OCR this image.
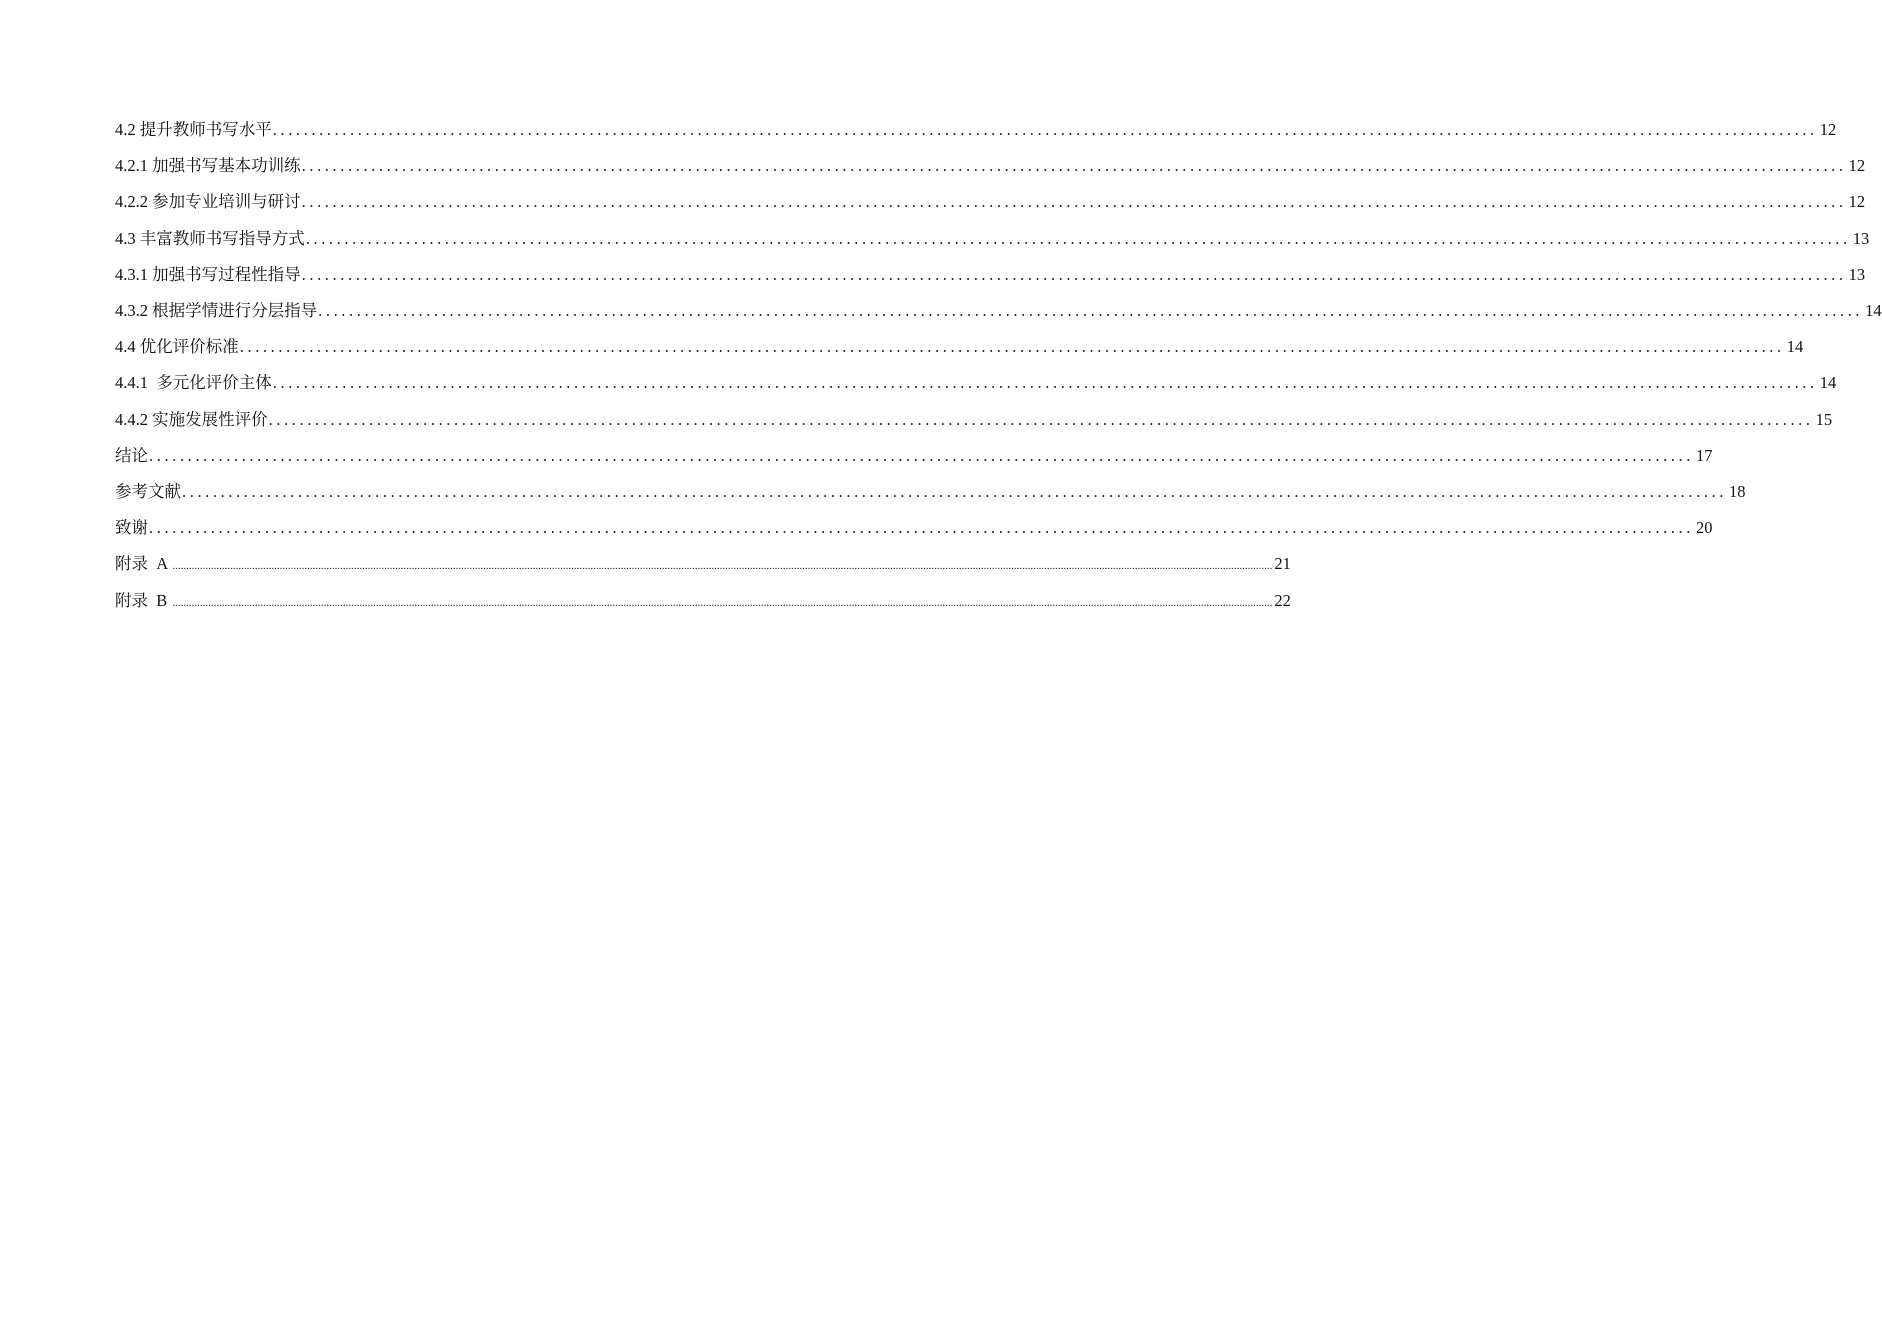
4.2 提升教师书写水平 ........................................................................................................................................................................................................ 12
4.2.1 加强书写基本功训练 ........................................................................................................................................................................................................ 12
4.2.2 参加专业培训与研讨 ........................................................................................................................................................................................................ 12
4.3 丰富教师书写指导方式 ........................................................................................................................................................................................................ 13
4.3.1 加强书写过程性指导 ........................................................................................................................................................................................................ 13
4.3.2 根据学情进行分层指导 ........................................................................................................................................................................................................ 14
4.4 优化评价标准 ........................................................................................................................................................................................................ 14
4.4.1  多元化评价主体 ........................................................................................................................................................................................................ 14
4.4.2 实施发展性评价 ........................................................................................................................................................................................................ 15
结论 ........................................................................................................................................................................................................ 17
参考文献 ........................................................................................................................................................................................................ 18
致谢 ........................................................................................................................................................................................................ 20
附录  A ................................................................................................................................................................................................................................................................................................................................................................................................................ 21
附录  B ................................................................................................................................................................................................................................................................................................................................................................................................................ 22
